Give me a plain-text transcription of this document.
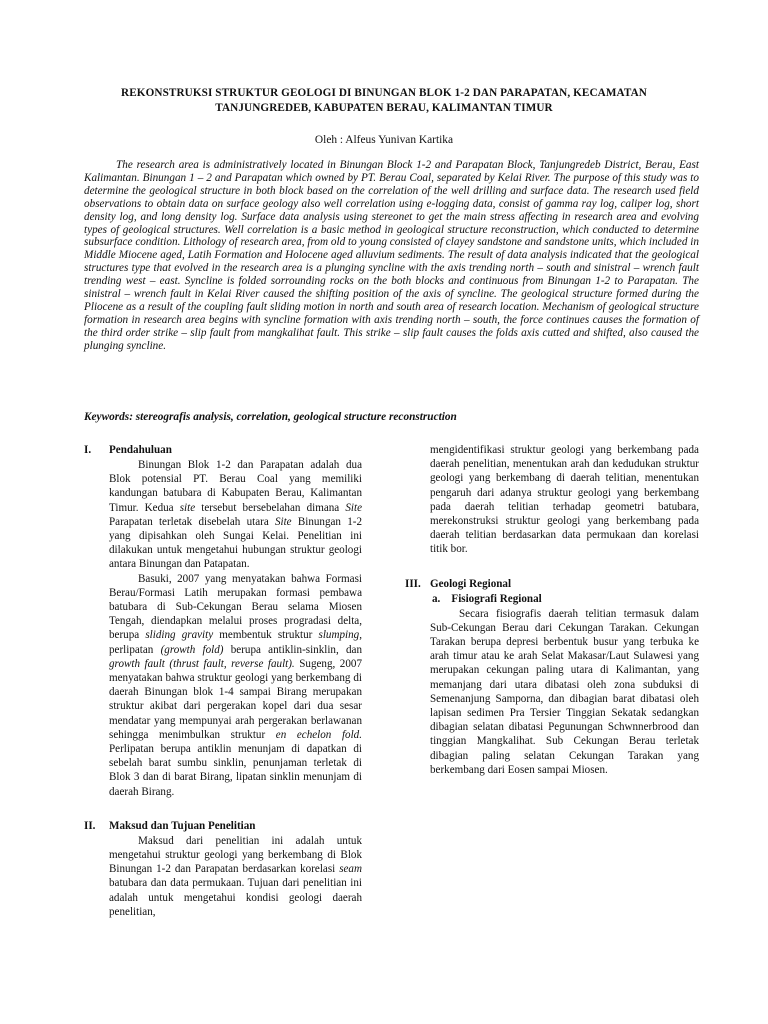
REKONSTRUKSI STRUKTUR GEOLOGI DI BINUNGAN BLOK 1-2 DAN PARAPATAN, KECAMATAN
TANJUNGREDEB, KABUPATEN BERAU, KALIMANTAN TIMUR
Oleh : Alfeus Yunivan Kartika

The research area is administratively located in Binungan Block 1-2 and Parapatan Block, Tanjungredeb District, Berau, East Kalimantan. Binungan 1 – 2 and Parapatan which owned by PT. Berau Coal, separated by Kelai River. The purpose of this study was to determine the geological structure in both block based on the correlation of the well drilling and surface data. The research used field observations to obtain data on surface geology also well correlation using e-logging data, consist of gamma ray log, caliper log, short density log, and long density log. Surface data analysis using stereonet to get the main stress affecting in research area and evolving types of geological structures. Well correlation is a basic method in geological structure reconstruction, which conducted to determine subsurface condition. Lithology of research area, from old to young consisted of clayey sandstone and sandstone units, which included in Middle Miocene aged, Latih Formation and Holocene aged alluvium sediments. The result of data analysis indicated that the geological structures type that evolved in the research area is a plunging syncline with the axis trending north – south and sinistral – wrench fault trending west – east. Syncline is folded sorrounding rocks on the both blocks and continuous from Binungan 1-2 to Parapatan. The sinistral – wrench fault in Kelai River caused the shifting position of the axis of syncline. The geological structure formed during the Pliocene as a result of the coupling fault sliding motion in north and south area of research location. Mechanism of geological structure formation in research area begins with syncline formation with axis trending north – south, the force continues causes the formation of the third order strike – slip fault from mangkalihat fault. This strike – slip fault causes the folds axis cutted and shifted, also caused the plunging syncline.

Keywords: stereografis analysis, correlation, geological structure reconstruction
I. Pendahuluan

Binungan Blok 1-2 dan Parapatan adalah dua Blok potensial PT. Berau Coal yang memiliki kandungan batubara di Kabupaten Berau, Kalimantan Timur. Kedua site tersebut bersebelahan dimana Site Parapatan terletak disebelah utara Site Binungan 1-2 yang dipisahkan oleh Sungai Kelai. Penelitian ini dilakukan untuk mengetahui hubungan struktur geologi antara Binungan dan Patapatan.

Basuki, 2007 yang menyatakan bahwa Formasi Berau/Formasi Latih merupakan formasi pembawa batubara di Sub-Cekungan Berau selama Miosen Tengah, diendapkan melalui proses progradasi delta, berupa sliding gravity membentuk struktur slumping, perlipatan (growth fold) berupa antiklin-sinklin, dan growth fault (thrust fault, reverse fault). Sugeng, 2007 menyatakan bahwa struktur geologi yang berkembang di daerah Binungan blok 1-4 sampai Birang merupakan struktur akibat dari pergerakan kopel dari dua sesar mendatar yang mempunyai arah pergerakan berlawanan sehingga menimbulkan struktur en echelon fold. Perlipatan berupa antiklin menunjam di dapatkan di sebelah barat sumbu sinklin, penunjaman terletak di Blok 3 dan di barat Birang, lipatan sinklin menunjam di daerah Birang.

II. Maksud dan Tujuan Penelitian

Maksud dari penelitian ini adalah untuk mengetahui struktur geologi yang berkembang di Blok Binungan 1-2 dan Parapatan berdasarkan korelasi seam batubara dan data permukaan. Tujuan dari penelitian ini adalah untuk mengetahui kondisi geologi daerah penelitian,

mengidentifikasi struktur geologi yang berkembang pada daerah penelitian, menentukan arah dan kedudukan struktur geologi yang berkembang di daerah telitian, menentukan pengaruh dari adanya struktur geologi yang berkembang pada daerah telitian terhadap geometri batubara, merekonstruksi struktur geologi yang berkembang pada daerah telitian berdasarkan data permukaan dan korelasi titik bor.

III. Geologi Regional
a.    Fisiografi Regional

Secara fisiografis daerah telitian termasuk dalam Sub-Cekungan Berau dari Cekungan Tarakan. Cekungan Tarakan berupa depresi berbentuk busur yang terbuka ke arah timur atau ke arah Selat Makasar/Laut Sulawesi yang merupakan cekungan paling utara di Kalimantan, yang memanjang dari utara dibatasi oleh zona subduksi di Semenanjung Samporna, dan dibagian barat dibatasi oleh lapisan sedimen Pra Tersier Tinggian Sekatak sedangkan dibagian selatan dibatasi Pegunungan Schwnnerbrood dan tinggian Mangkalihat. Sub Cekungan Berau terletak dibagian paling selatan Cekungan Tarakan yang berkembang dari Eosen sampai Miosen.
